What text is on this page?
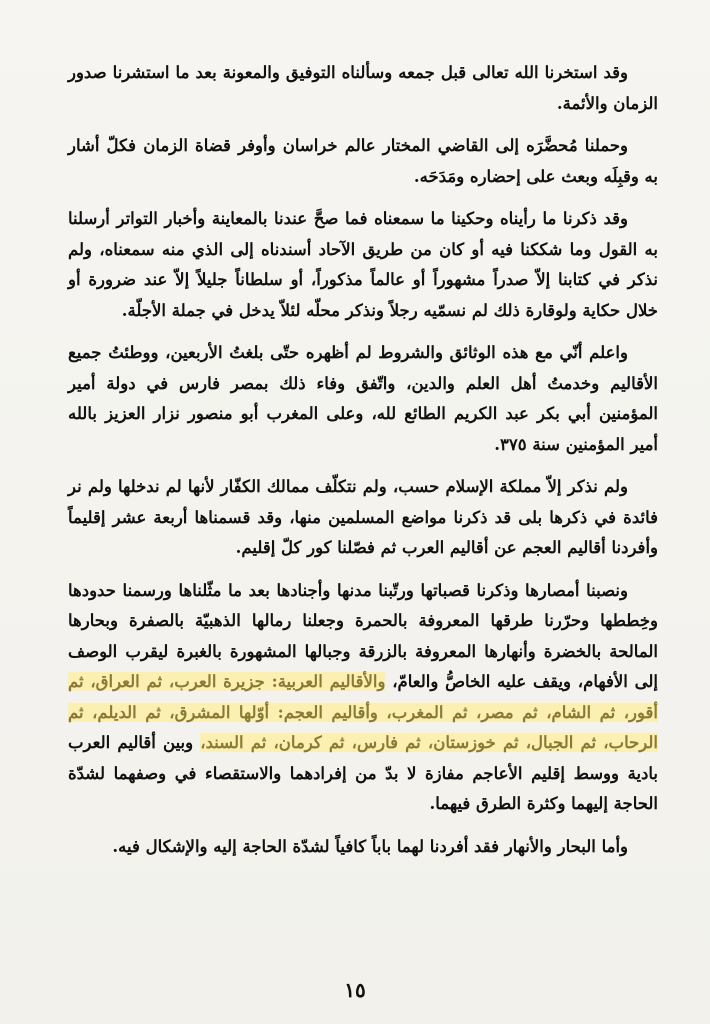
وقد استخرنا الله تعالى قبل جمعه وسألناه التوفيق والمعونة بعد ما استشرنا صدور الزمان والأئمة.

وحملنا مُحضَّرَه إلى القاضي المختار عالم خراسان وأوفر قضاة الزمان فكلّ أشار به وقبِلَه وبعث على إحضاره ومَدَحَه.

وقد ذكرنا ما رأيناه وحكينا ما سمعناه فما صحَّ عندنا بالمعاينة وأخبار التواتر أرسلنا به القول وما شككنا فيه أو كان من طريق الآحاد أسندناه إلى الذي منه سمعناه، ولم نذكر في كتابنا إلاّ صدراً مشهوراً أو عالماً مذكوراً، أو سلطاناً جليلاً إلاّ عند ضرورة أو خلال حكاية ولوقارة ذلك لم نسمّيه رجلاً ونذكر محلّه لئلاّ يدخل في جملة الأجلّة.

واعلم أنّي مع هذه الوثائق والشروط لم أظهره حتّى بلغتُ الأربعين، ووطئتُ جميع الأقاليم وخدمتُ أهل العلم والدين، واتّفق وفاء ذلك بمصر فارس في دولة أمير المؤمنين أبي بكر عبد الكريم الطائع لله، وعلى المغرب أبو منصور نزار العزيز بالله أمير المؤمنين سنة ٣٧٥.

ولم نذكر إلاّ مملكة الإسلام حسب، ولم نتكلّف ممالك الكفّار لأنها لم ندخلها ولم نر فائدة في ذكرها بلى قد ذكرنا مواضع المسلمين منها، وقد قسمناها أربعة عشر إقليماً وأفردنا أقاليم العجم عن أقاليم العرب ثم فصّلنا كور كلّ إقليم.

ونصبنا أمصارها وذكرنا قصباتها ورتّبنا مدنها وأجنادها بعد ما مثّلناها ورسمنا حدودها وخِططها وحرّرنا طرقها المعروفة بالحمرة وجعلنا رمالها الذهبيّة بالصفرة وبحارها المالحة بالخضرة وأنهارها المعروفة بالزرقة وجبالها المشهورة بالغبرة ليقرب الوصف إلى الأفهام، ويقف عليه الخاصُّ والعامّ، والأقاليم العربية: جزيرة العرب، ثم العراق، ثم أقور، ثم الشام، ثم مصر، ثم المغرب، وأقاليم العجم: أوّلها المشرق، ثم الديلم، ثم الرحاب، ثم الجبال، ثم خوزستان، ثم فارس، ثم كرمان، ثم السند، وبين أقاليم العرب بادية ووسط إقليم الأعاجم مفازة لا بدّ من إفرادهما والاستقصاء في وصفهما لشدّة الحاجة إليهما وكثرة الطرق فيهما.

وأما البحار والأنهار فقد أفردنا لهما باباً كافياً لشدّة الحاجة إليه والإشكال فيه.

١٥
